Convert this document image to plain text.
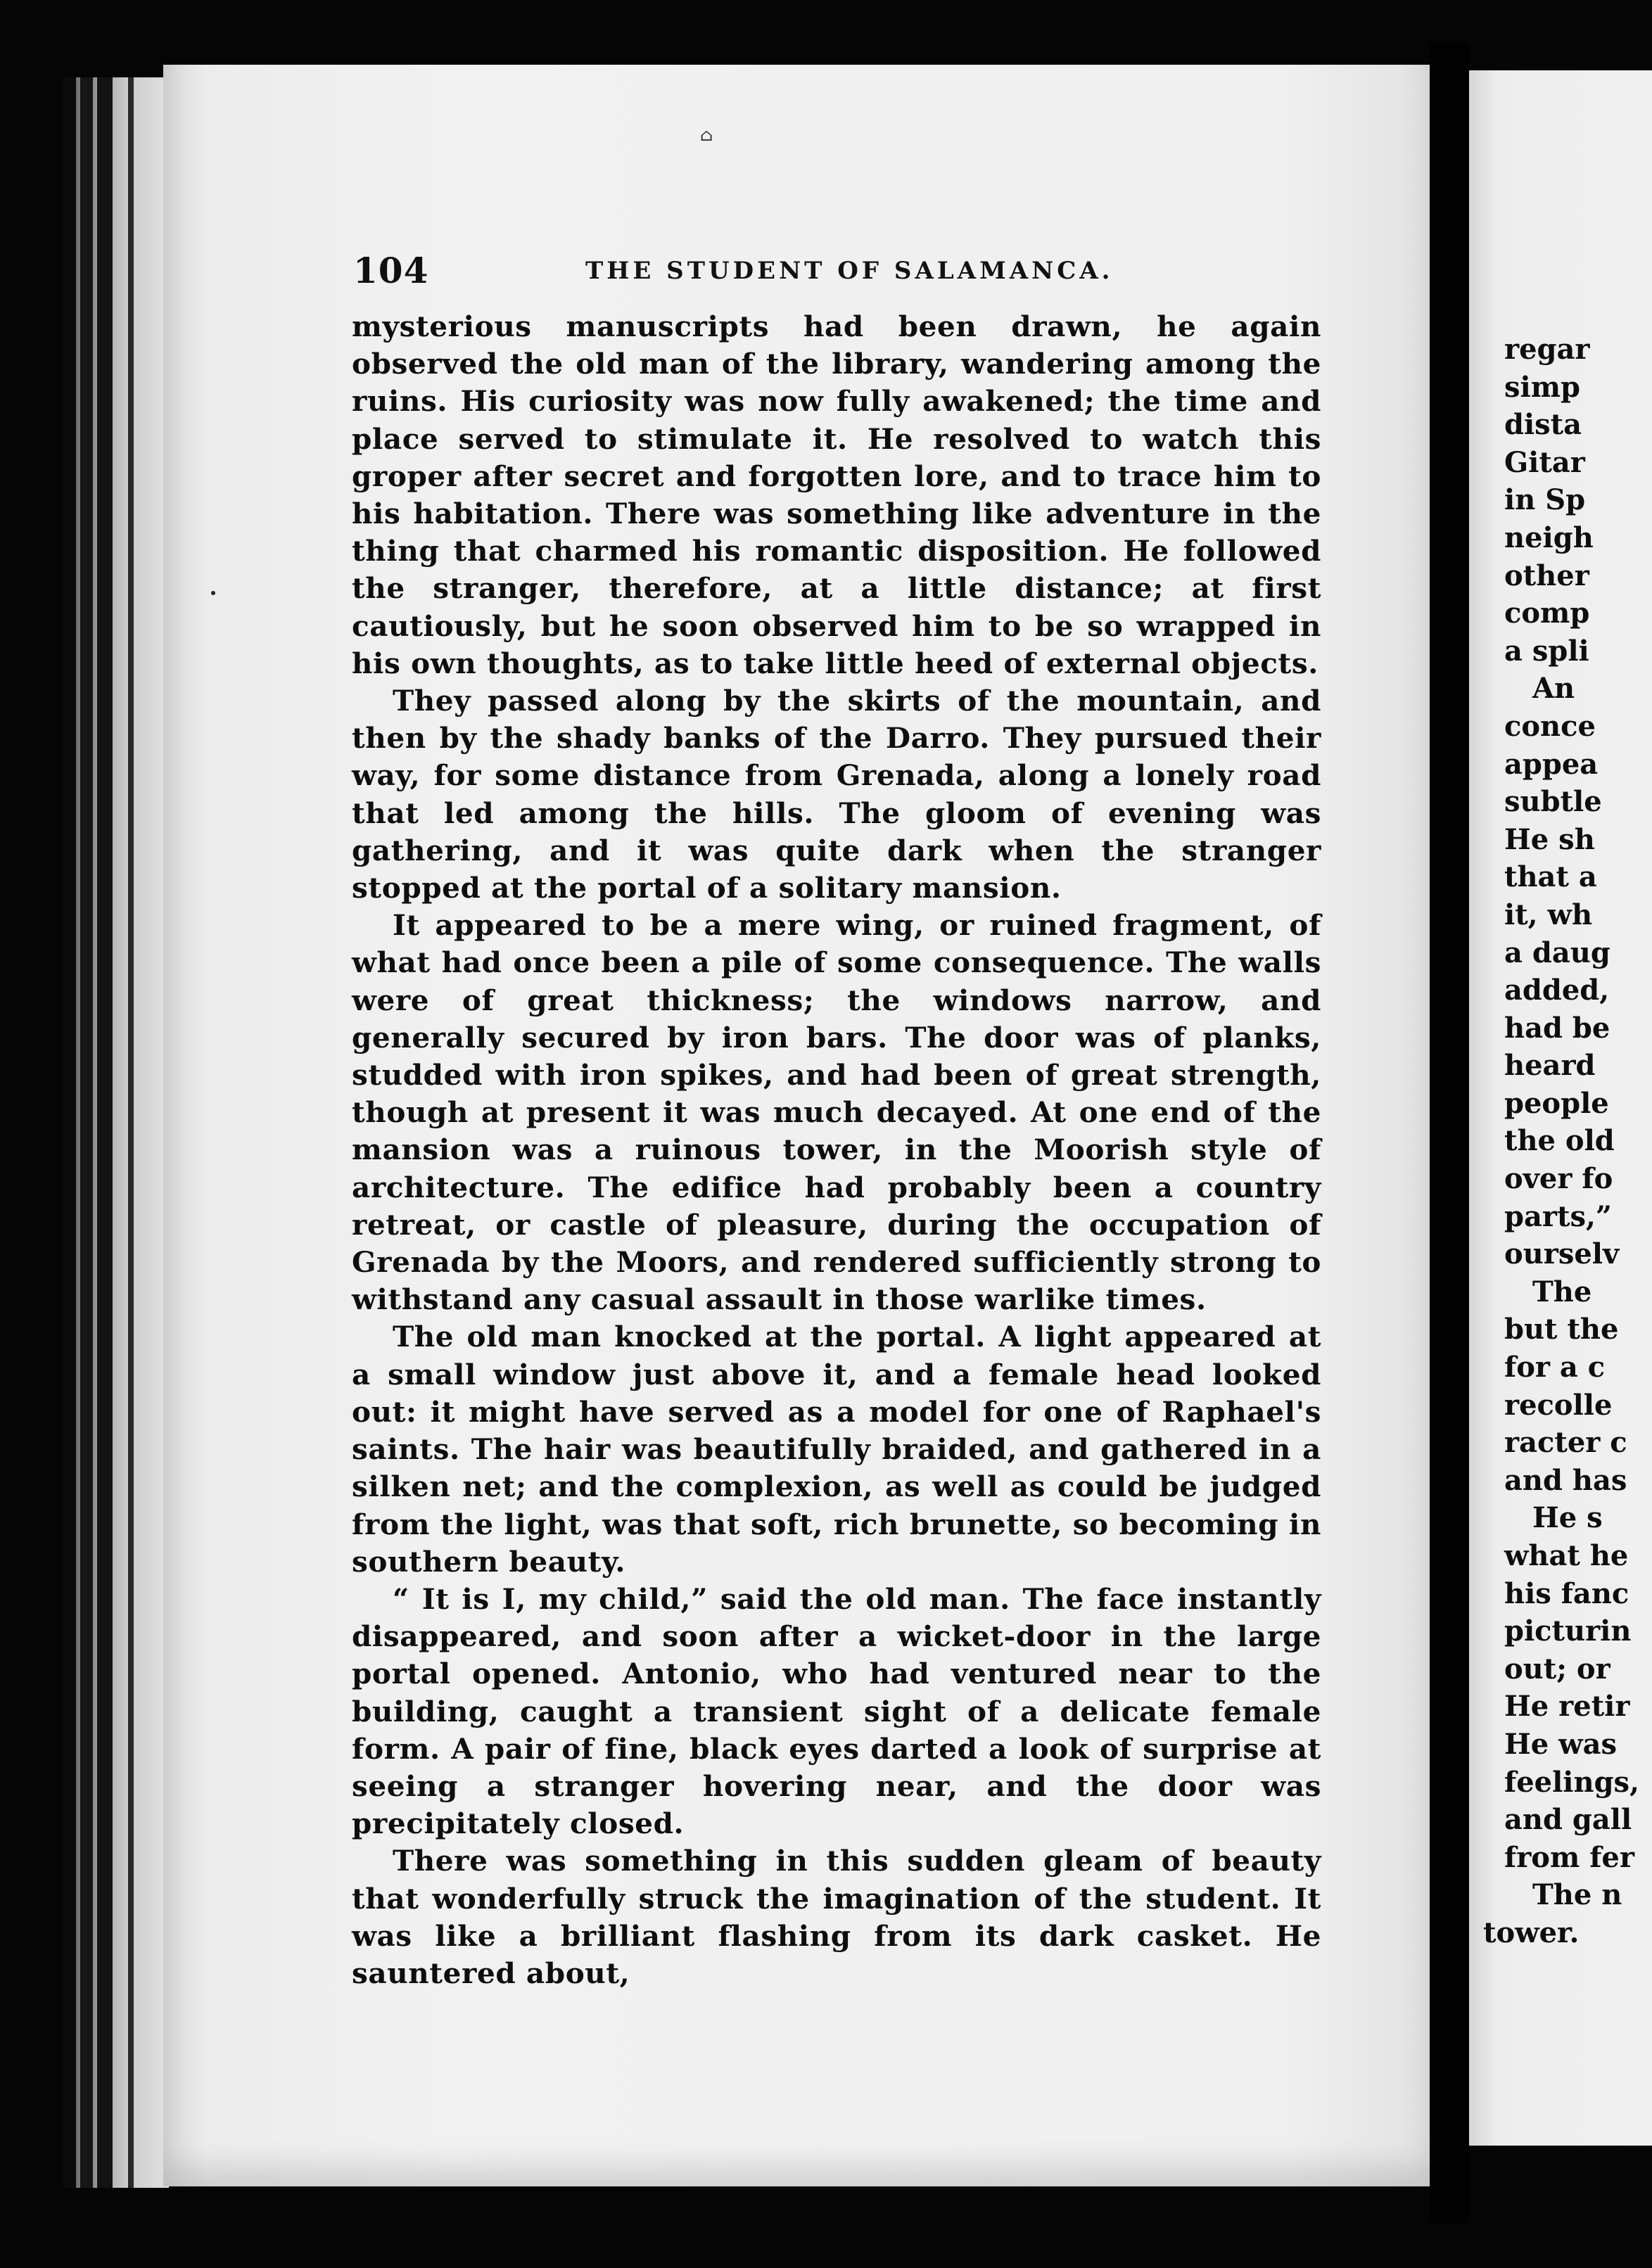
⌂
104	THE STUDENT OF SALAMANCA.

mysterious manuscripts had been drawn, he again observed the old man of the library, wandering among the ruins. His curiosity was now fully awakened; the time and place served to stimulate it. He resolved to watch this groper after secret and forgotten lore, and to trace him to his habitation. There was something like adventure in the thing that charmed his romantic disposition. He followed the stranger, therefore, at a little distance; at first cautiously, but he soon observed him to be so wrapped in his own thoughts, as to take little heed of external objects.

They passed along by the skirts of the mountain, and then by the shady banks of the Darro. They pursued their way, for some distance from Grenada, along a lonely road that led among the hills. The gloom of evening was gathering, and it was quite dark when the stranger stopped at the portal of a solitary mansion.

It appeared to be a mere wing, or ruined fragment, of what had once been a pile of some consequence. The walls were of great thickness; the windows narrow, and generally secured by iron bars. The door was of planks, studded with iron spikes, and had been of great strength, though at present it was much decayed. At one end of the mansion was a ruinous tower, in the Moorish style of architecture. The edifice had probably been a country retreat, or castle of pleasure, during the occupation of Grenada by the Moors, and rendered sufficiently strong to withstand any casual assault in those warlike times.

The old man knocked at the portal. A light appeared at a small window just above it, and a female head looked out: it might have served as a model for one of Raphael's saints. The hair was beautifully braided, and gathered in a silken net; and the complexion, as well as could be judged from the light, was that soft, rich brunette, so becoming in southern beauty.

“ It is I, my child,” said the old man. The face instantly disappeared, and soon after a wicket-door in the large portal opened. Antonio, who had ventured near to the building, caught a transient sight of a delicate female form. A pair of fine, black eyes darted a look of surprise at seeing a stranger hovering near, and the door was precipitately closed.

There was something in this sudden gleam of beauty that wonderfully struck the imagination of the student. It was like a brilliant flashing from its dark casket. He sauntered about,

regar
simp
dista
Gitar
in Sp
neigh
other
comp
a spli
An
conce
appea
subtle
He sh
that a
it, wh
a daug
added,
had be
heard
people
the old
over fo
parts,”
ourselv
The
but the
for a c
recolle
racter c
and has
He s
what he
his fanc
picturin
out; or
He retir
He was
feelings,
and gall
from fer
The n
tower.
